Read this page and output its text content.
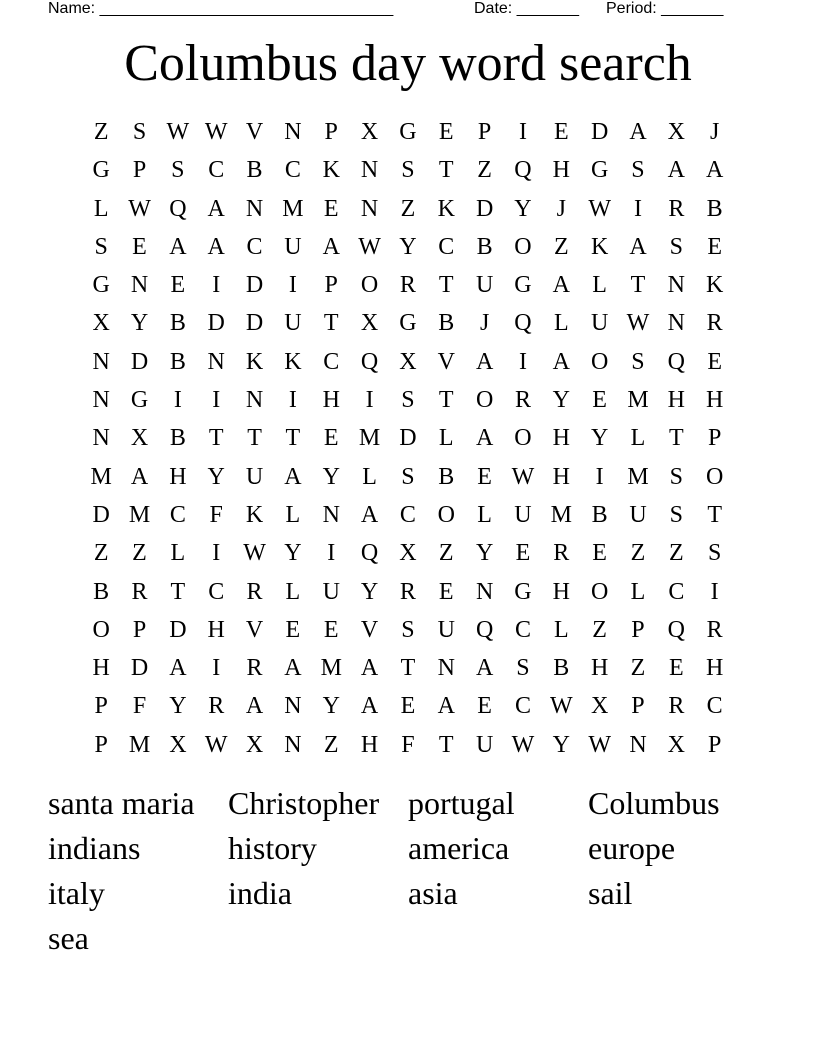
Name: _________________________________	Date: _______ Period: _______
Columbus day word search
Z	S W W V N P X G E	P	I	E D A X	J
G P	S C B C K N S	T Z Q H G S A A
L W Q A N M E N Z K D Y	J W I	R B
S	E A A C U A W Y C B O Z K A S	E
G N E	I	D	I	P O R T U G A L T N K
X Y B D D U T X G B	J	Q L U W N R
N D B N K K C Q X V A	I	A O S Q E
N G	I	I	N	I	H	I	S	T O R Y E M H H
N X B T T T E M D L A O H Y L T	P
M A H Y U A Y L	S B E W H	I M S O
D M C F K L N A C O L U M B U S	T
Z Z L	I W Y	I	Q X Z Y E R E Z Z	S
B R T C R L U Y R E N G H O L C	I
O P D H V E E V S U Q C L Z	P Q R
H D A	I	R A M A T N A S B H Z E H
P	F Y R A N Y A E A E C W X P R C
P M X W X N Z H F	T U W Y W N X P
santa maria	Christopher portugal	Columbus
indians	history	america	europe
italy	india	asia	sail
sea
